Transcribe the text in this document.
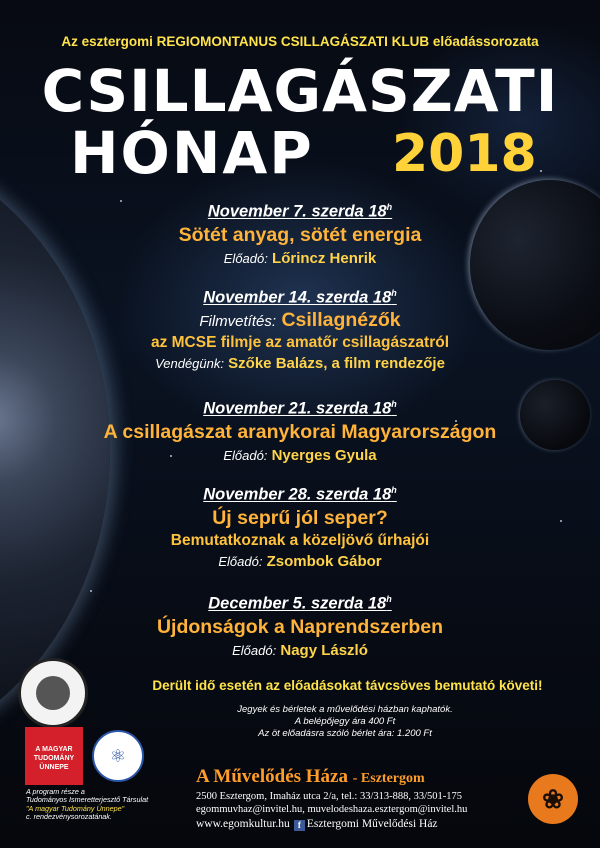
Az esztergomi REGIOMONTANUS CSILLAGÁSZATI KLUB előadássorozata
CSILLAGÁSZATI
HÓNAP 2018
November 7. szerda 18$^h$
Sötét anyag, sötét energia
Előadó: Lőrincz Henrik
November 14. szerda 18$^h$
Filmvetítés: Csillagnézők
az MCSE filmje az amatőr csillagászatról
Vendégünk: Szőke Balázs, a film rendezője
November 21. szerda 18$^h$
A csillagászat aranykorai Magyarországon
Előadó: Nyerges Gyula
November 28. szerda 18$^h$
Új seprű jól seper?
Bemutatkoznak a közeljövő űrhajói
Előadó: Zsombok Gábor
December 5. szerda 18$^h$
Újdonságok a Naprendszerben
Előadó: Nagy László
Derült idő esetén az előadásokat távcsöves bemutató követi!
Jegyek és bérletek a művelődési házban kaphatók.
A belépőjegy ára 400 Ft
Az öt előadásra szóló bérlet ára: 1.200 Ft
A MAGYAR TUDOMÁNY ÜNNEPE
⚛
A program része a
Tudományos Ismeretterjesztő Társulat
"A magyar Tudomány Ünnepe"
c. rendezvénysorozatának.
A Művelődés Háza - Esztergom
2500 Esztergom, Imaház utca 2/a, tel.: 33/313-888, 33/501-175
egommuvhaz@invitel.hu, muvelodeshaza.esztergom@invitel.hu
www.egomkultur.hu f Esztergomi Művelődési Ház
❀
